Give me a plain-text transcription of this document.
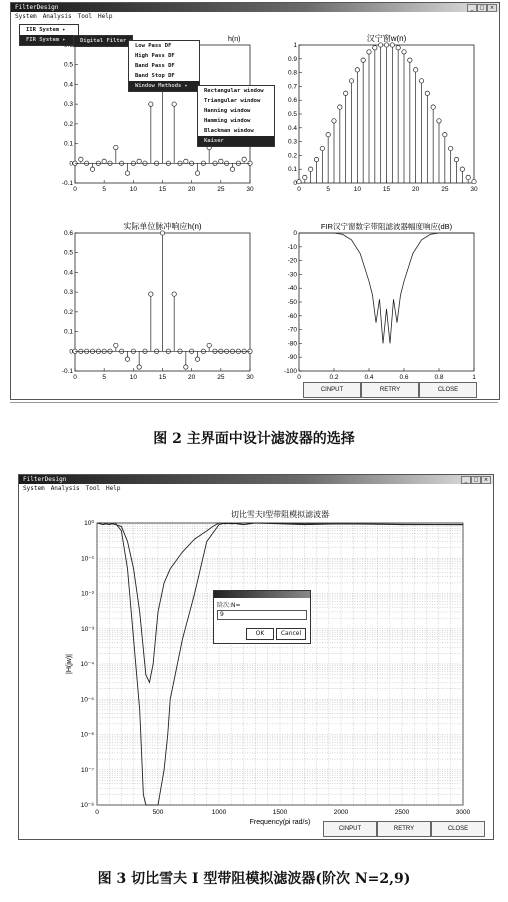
FilterDesign	_	□	×
System Analysis Tool Help
0	5	10	15	20	25	30
-0.1
0
0.1
0.2
0.3
0.4
0.5
h(n)
0	5	10	15	20	25	30
0
0.1
0.2
0.3
0.4
0.5
0.6
0.7
0.8
0.9
1
汉宁窗w(n)
0	5	10	15	20	25	30
-0.1
0
0.1
0.2
0.3
0.4
0.5
0.6
实际单位脉冲响应h(n)
0	0.2	0.4	0.6	0.8	1
-100
-90
-80
-70
-60
-50
-40
-30
-20
-10
0
FIR汉宁窗数字带阻滤波器幅度响应(dB)
IIR System ▸
FIR System ▸	Digital Filter
Low Pass DF
High Pass DF
Band Pass DF
Band Stop DF
Window Methods ▸
Rectangular window
Triangular window
Hanning window
Hamming window
Blackman window
Kaiser
CINPUT	RETRY	CLOSE
图 2 主界面中设计滤波器的选择
FilterDesign	_	□	×
System Analysis Tool Help
10⁻⁸
10⁻⁷
10⁻⁶
10⁻⁵
10⁻⁴
10⁻³
10⁻²
10⁻¹
10⁰
0	500	1000	1500	2000	2500	3000
切比雪夫I型带阻模拟滤波器
Frequency(pi rad/s)
|H(jw)|
阶次:N=
9
OK	Cancel
CINPUT	RETRY	CLOSE
图 3 切比雪夫 I 型带阻模拟滤波器(阶次 N=2,9)
